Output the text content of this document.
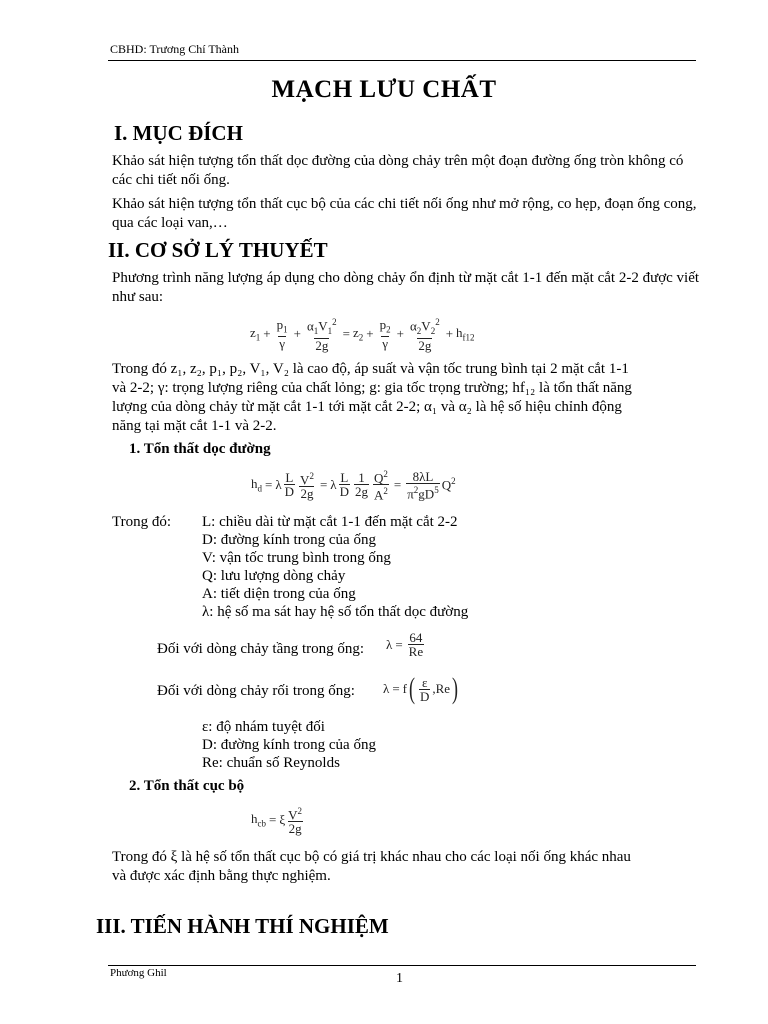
CBHD: Trương Chí Thành
MẠCH LƯU CHẤT
I. MỤC ĐÍCH
Khảo sát hiện tượng tổn thất dọc đường của dòng chảy trên một đoạn đường ống tròn không có các chi tiết nối ống.
Khảo sát hiện tượng tổn thất cục bộ của các chi tiết nối ống như mở rộng, co hẹp, đoạn ống cong, qua các loại van,…
II. CƠ SỞ LÝ THUYẾT
Phương trình năng lượng áp dụng cho dòng chảy ổn định từ mặt cắt 1-1 đến mặt cắt 2-2 được viết như sau:
$z_1 + \frac{p_1}{\gamma} + \frac{\alpha_1V_1^2}{2g} = z_2 + \frac{p_2}{\gamma} + \frac{\alpha_2V_2^2}{2g} + h_{f12}$
Trong đó z₁, z₂, p₁, p₂, V₁, V₂ là cao độ, áp suất và vận tốc trung bình tại 2 mặt cắt 1-1
và 2-2; γ: trọng lượng riêng của chất lỏng; g: gia tốc trọng trường; hf₁₂ là tổn thất năng
lượng của dòng chảy từ mặt cắt 1-1 tới mặt cắt 2-2; α₁ và α₂ là hệ số hiệu chỉnh động
năng tại mặt cắt 1-1 và 2-2.
1. Tổn thất dọc đường
$h_d = \lambda \frac{L}{D} \frac{V^2}{2g} = \lambda \frac{L}{D} \frac{1}{2g} \frac{Q^2}{A^2} = \frac{8\lambda L}{\pi^2gD^5} Q^2$
Trong đó: L: chiều dài từ mặt cắt 1-1 đến mặt cắt 2-2
D: đường kính trong của ống
V: vận tốc trung bình trong ống
Q: lưu lượng dòng chảy
A: tiết diện trong của ống
λ: hệ số ma sát hay hệ số tổn thất dọc đường
Đối với dòng chảy tầng trong ống: $\lambda = \frac{64}{Re}$
Đối với dòng chảy rối trong ống: λ = f ( $\frac{\varepsilon}{D} ,Re$ )
ε: độ nhám tuyệt đối
D: đường kính trong của ống
Re: chuẩn số Reynolds
2. Tổn thất cục bộ
$h_{cb} = \xi \frac{V^2}{2g}$
Trong đó ξ là hệ số tổn thất cục bộ có giá trị khác nhau cho các loại nối ống khác nhau
và được xác định bằng thực nghiệm.
III. TIẾN HÀNH THÍ NGHIỆM
Phương Ghil	1
